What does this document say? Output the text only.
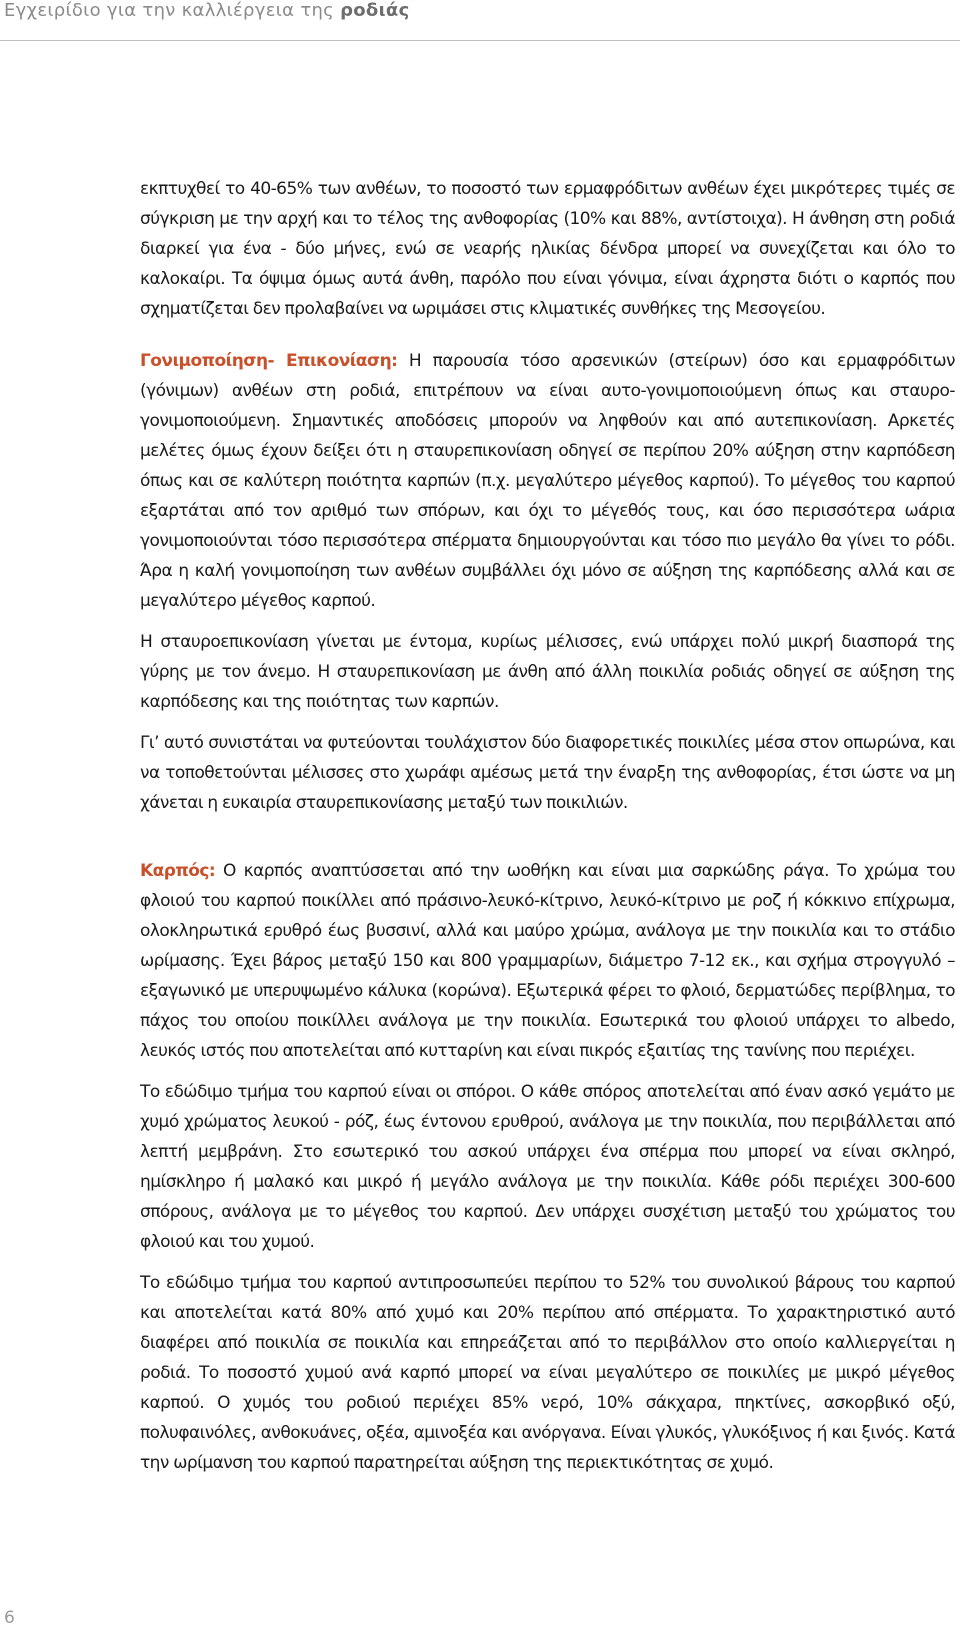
Εγχειρίδιο για την καλλιέργεια της ροδιάς

εκπτυχθεί το 40-65% των ανθέων, το ποσοστό των ερμαφρόδιτων ανθέων έχει μικρότερες τιμές σε σύγκριση με την αρχή και το τέλος της ανθοφορίας (10% και 88%, αντίστοιχα). Η άνθηση στη ροδιά διαρκεί για ένα - δύο μήνες, ενώ σε νεαρής ηλικίας δένδρα μπορεί να συνεχίζεται και όλο το καλοκαίρι. Τα όψιμα όμως αυτά άνθη, παρόλο που είναι γόνιμα, είναι άχρηστα διότι ο καρπός που σχηματίζεται δεν προλαβαίνει να ωριμάσει στις κλιματικές συνθήκες της Μεσογείου.

Γονιμοποίηση- Επικονίαση: Η παρουσία τόσο αρσενικών (στείρων) όσο και ερμαφρόδιτων (γόνιμων) ανθέων στη ροδιά, επιτρέπουν να είναι αυτο-γονιμοποιούμενη όπως και σταυρο-γονιμοποιούμενη. Σημαντικές αποδόσεις μπορούν να ληφθούν και από αυτεπικονίαση. Αρκετές μελέτες όμως έχουν δείξει ότι η σταυρεπικονίαση οδηγεί σε περίπου 20% αύξηση στην καρπόδεση όπως και σε καλύτερη ποιότητα καρπών (π.χ. μεγαλύτερο μέγεθος καρπού). Το μέγεθος του καρπού εξαρτάται από τον αριθμό των σπόρων, και όχι το μέγεθός τους, και όσο περισσότερα ωάρια γονιμοποιούνται τόσο περισσότερα σπέρματα δημιουργούνται και τόσο πιο μεγάλο θα γίνει το ρόδι. Άρα η καλή γονιμοποίηση των ανθέων συμβάλλει όχι μόνο σε αύξηση της καρπόδεσης αλλά και σε μεγαλύτερο μέγεθος καρπού.

Η σταυροεπικονίαση γίνεται με έντομα, κυρίως μέλισσες, ενώ υπάρχει πολύ μικρή διασπορά της γύρης με τον άνεμο. Η σταυρεπικονίαση με άνθη από άλλη ποικιλία ροδιάς οδηγεί σε αύξηση της καρπόδεσης και της ποιότητας των καρπών.

Γι’ αυτό συνιστάται να φυτεύονται τουλάχιστον δύο διαφορετικές ποικιλίες μέσα στον οπωρώνα, και να τοποθετούνται μέλισσες στο χωράφι αμέσως μετά την έναρξη της ανθοφορίας, έτσι ώστε να μη χάνεται η ευκαιρία σταυρεπικονίασης μεταξύ των ποικιλιών.

Καρπός: Ο καρπός αναπτύσσεται από την ωοθήκη και είναι μια σαρκώδης ράγα. Το χρώμα του φλοιού του καρπού ποικίλλει από πράσινο-λευκό-κίτρινο, λευκό-κίτρινο με ροζ ή κόκκινο επίχρωμα, ολοκληρωτικά ερυθρό έως βυσσινί, αλλά και μαύρο χρώμα, ανάλογα με την ποικιλία και το στάδιο ωρίμασης. Έχει βάρος μεταξύ 150 και 800 γραμμαρίων, διάμετρο 7-12 εκ., και σχήμα στρογγυλό – εξαγωνικό με υπερυψωμένο κάλυκα (κορώνα). Εξωτερικά φέρει το φλοιό, δερματώδες περίβλημα, το πάχος του οποίου ποικίλλει ανάλογα με την ποικιλία. Εσωτερικά του φλοιού υπάρχει το albedo, λευκός ιστός που αποτελείται από κυτταρίνη και είναι πικρός εξαιτίας της τανίνης που περιέχει.

Το εδώδιμο τμήμα του καρπού είναι οι σπόροι. Ο κάθε σπόρος αποτελείται από έναν ασκό γεμάτο με χυμό χρώματος λευκού - ρόζ, έως έντονου ερυθρού, ανάλογα με την ποικιλία, που περιβάλλεται από λεπτή μεμβράνη. Στο εσωτερικό του ασκού υπάρχει ένα σπέρμα που μπορεί να είναι σκληρό, ημίσκληρο ή μαλακό και μικρό ή μεγάλο ανάλογα με την ποικιλία. Κάθε ρόδι περιέχει 300-600 σπόρους, ανάλογα με το μέγεθος του καρπού. Δεν υπάρχει συσχέτιση μεταξύ του χρώματος του φλοιού και του χυμού.

Το εδώδιμο τμήμα του καρπού αντιπροσωπεύει περίπου το 52% του συνολικού βάρους του καρπού και αποτελείται κατά 80% από χυμό και 20% περίπου από σπέρματα. Το χαρακτηριστικό αυτό διαφέρει από ποικιλία σε ποικιλία και επηρεάζεται από το περιβάλλον στο οποίο καλλιεργείται η ροδιά. Το ποσοστό χυμού ανά καρπό μπορεί να είναι μεγαλύτερο σε ποικιλίες με μικρό μέγεθος καρπού. Ο χυμός του ροδιού περιέχει 85% νερό, 10% σάκχαρα, πηκτίνες, ασκορβικό οξύ, πολυφαινόλες, ανθοκυάνες, οξέα, αμινοξέα και ανόργανα. Είναι γλυκός, γλυκόξινος ή και ξινός. Κατά την ωρίμανση του καρπού παρατηρείται αύξηση της περιεκτικότητας σε χυμό.

6
